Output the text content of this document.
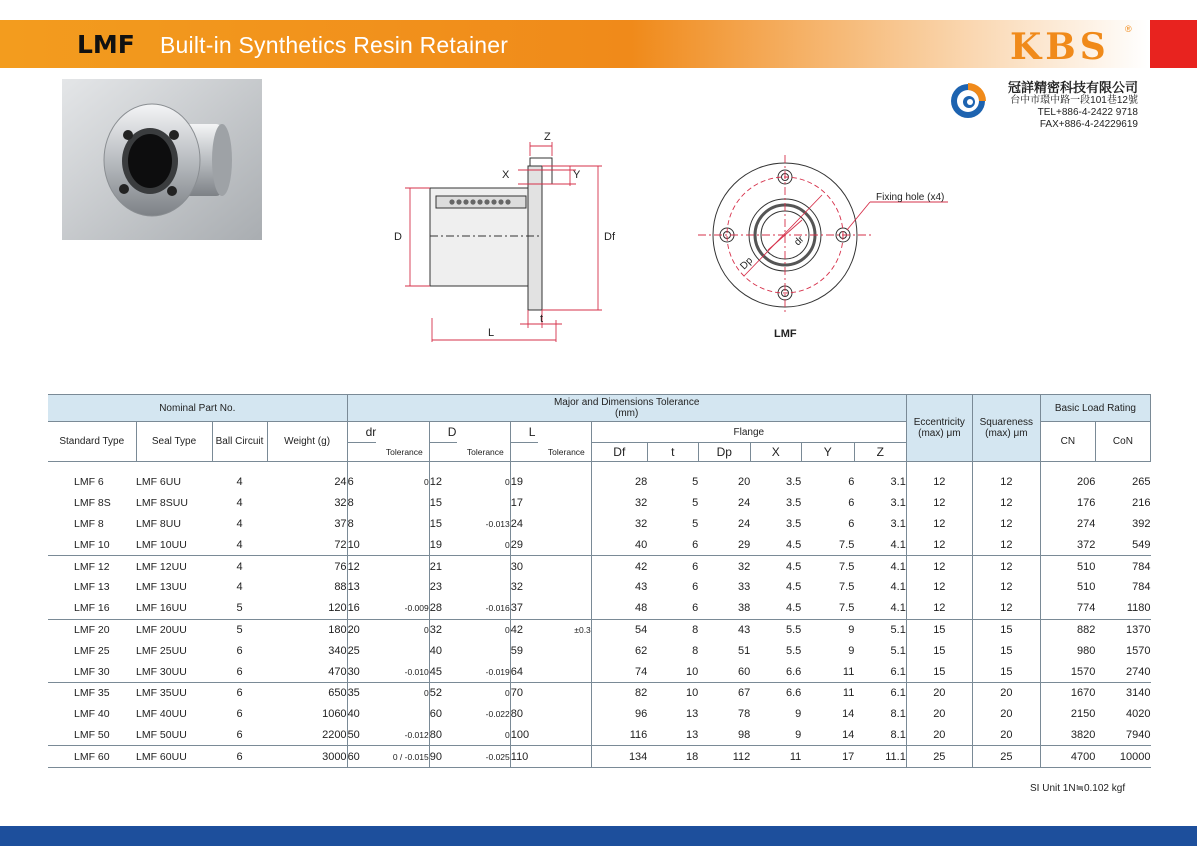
LMF Built-in Synthetics Resin Retainer	KBS ®
冠詳精密科技有限公司
台中市環中路一段101巷12號
TEL+886-4-2422 9718
FAX+886-4-24229619
D	Df
L
t
Z
X	Y
Fixing hole (x4)
dr
Dp
LMF
Nominal Part No.				Major and Dimensions Tolerance
(mm)												Eccentricity
(max) μm	Squareness
(max) μm	Basic Load Rating	
Standard Type	Seal Type	Ball Circuit	Weight (g)	dr		D		L		Flange								CN	CoN
					Tolerance		Tolerance		Tolerance	Df	t	Dp	X	Y	Z				
LMF 6	LMF 6UU	4	24	6	0	12	0	19		28	5	20	3.5	6	3.1	12	12	206	265
LMF 8S	LMF 8SUU	4	32	8		15		17		32	5	24	3.5	6	3.1	12	12	176	216
LMF 8	LMF 8UU	4	37	8		15	-0.013	24		32	5	24	3.5	6	3.1	12	12	274	392
LMF 10	LMF 10UU	4	72	10		19	0	29		40	6	29	4.5	7.5	4.1	12	12	372	549
LMF 12	LMF 12UU	4	76	12		21		30		42	6	32	4.5	7.5	4.1	12	12	510	784
LMF 13	LMF 13UU	4	88	13		23		32		43	6	33	4.5	7.5	4.1	12	12	510	784
LMF 16	LMF 16UU	5	120	16	-0.009	28	-0.016	37		48	6	38	4.5	7.5	4.1	12	12	774	1180
LMF 20	LMF 20UU	5	180	20	0	32	0	42	±0.3	54	8	43	5.5	9	5.1	15	15	882	1370
LMF 25	LMF 25UU	6	340	25		40		59		62	8	51	5.5	9	5.1	15	15	980	1570
LMF 30	LMF 30UU	6	470	30	-0.010	45	-0.019	64		74	10	60	6.6	11	6.1	15	15	1570	2740
LMF 35	LMF 35UU	6	650	35	0	52	0	70		82	10	67	6.6	11	6.1	20	20	1670	3140
LMF 40	LMF 40UU	6	1060	40		60	-0.022	80		96	13	78	9	14	8.1	20	20	2150	4020
LMF 50	LMF 50UU	6	2200	50	-0.012	80	0	100		116	13	98	9	14	8.1	20	20	3820	7940
LMF 60	LMF 60UU	6	3000	60	0 / -0.015	90	-0.025	110		134	18	112	11	17	11.1	25	25	4700	10000
SI Unit 1N≒0.102 kgf
